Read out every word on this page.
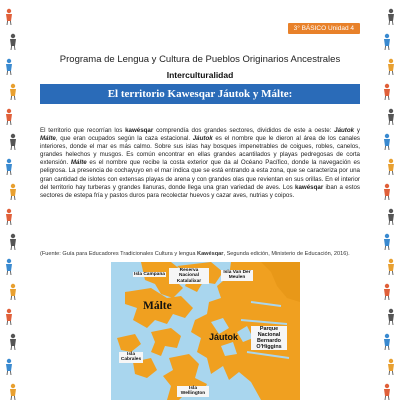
3° BÁSICO Unidad 4
Programa de Lengua y Cultura de Pueblos Originarios Ancestrales
Interculturalidad
El territorio Kawesqar Jáutok y Málte:
El territorio que recorrían los kawésqar comprendía dos grandes sectores, divididos de este a oeste: Jáutok y Málte, que eran ocupados según la caza estacional. Jáutok es el nombre que le dieron al área de los canales interiores, donde el mar es más calmo. Sobre sus islas hay bosques impenetrables de coigues, robles, canelos, grandes helechos y musgos. Es común encontrar en ellas grandes acantilados y playas pedregosas de corta extensión. Málte es el nombre que recibe la costa exterior que da al Océano Pacífico, donde la navegación es peligrosa. La presencia de cochayuyo en el mar indica que se está entrando a esta zona, que se caracteriza por una gran cantidad de islotes con extensas playas de arena y con grandes olas que revientan en sus orillas. En el interior del territorio hay turberas y grandes llanuras, donde llega una gran variedad de aves. Los kawésqar iban a estos sectores de estepa fría y pastos duros para recolectar huevos y cazar aves, nutrias y coipos.
(Fuente: Guía para Educadores Tradicionales Cultura y lengua Kawésqar, Segunda edición, Ministerio de Educación, 2016).
Isla Campana
Reserva Nacional Katalalixar
Isla Van Der Meulen
Málte
Jáutok
Parque Nacional Bernardo O'Higgins
Isla Cabrales
Isla Wellington
